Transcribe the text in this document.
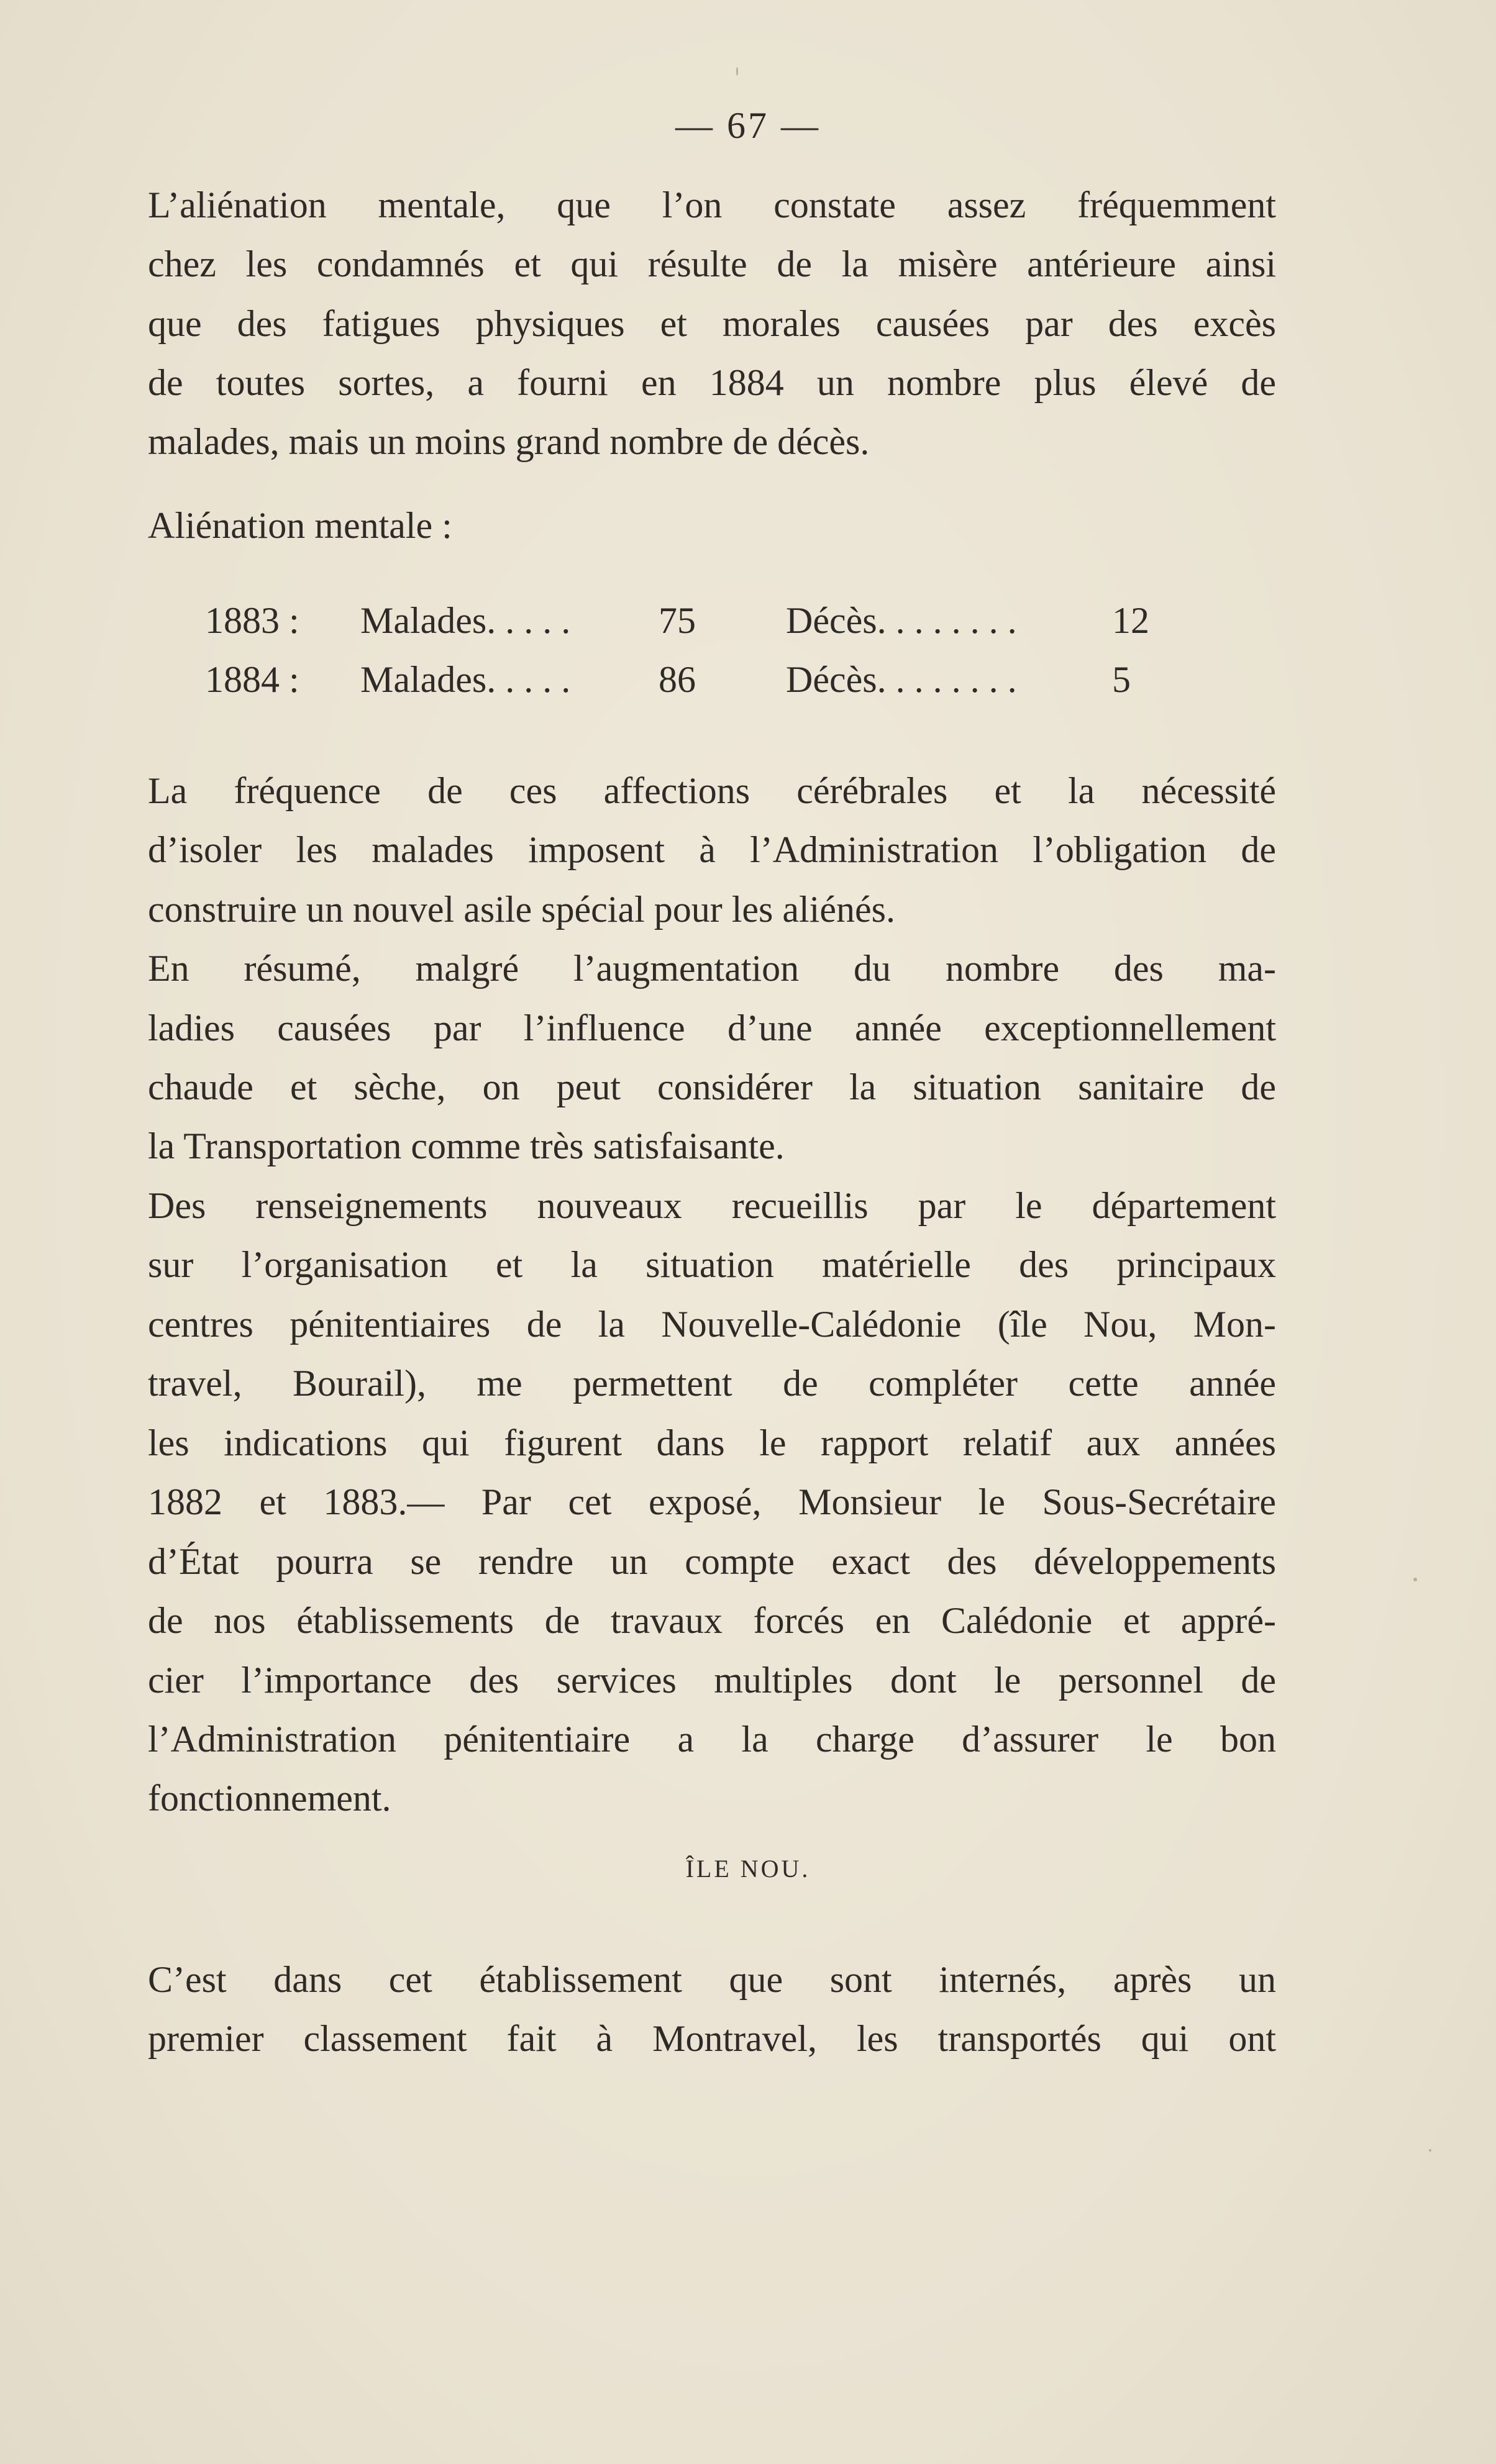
— 67 —
L’aliénation mentale, que l’on constate assez fréquemment
chez les condamnés et qui résulte de la misère antérieure ainsi
que des fatigues physiques et morales causées par des excès
de toutes sortes, a fourni en 1884 un nombre plus élevé de
malades, mais un moins grand nombre de décès.
Aliénation mentale :
1883 : Malades. . . . . 75 Décès. . . . . . . .	12
1884 : Malades. . . . . 86 Décès. . . . . . . .	5
La fréquence de ces affections cérébrales et la nécessité
d’isoler les malades imposent à l’Administration l’obligation de
construire un nouvel asile spécial pour les aliénés.
En résumé, malgré l’augmentation du nombre des ma-
ladies causées par l’influence d’une année exceptionnellement
chaude et sèche, on peut considérer la situation sanitaire de
la Transportation comme très satisfaisante.
Des renseignements nouveaux recueillis par le département
sur l’organisation et la situation matérielle des principaux
centres pénitentiaires de la Nouvelle-Calédonie (île Nou, Mon-
travel, Bourail), me permettent de compléter cette année
les indications qui figurent dans le rapport relatif aux années
1882 et 1883.— Par cet exposé, Monsieur le Sous-Secrétaire
d’État pourra se rendre un compte exact des développements
de nos établissements de travaux forcés en Calédonie et appré-
cier l’importance des services multiples dont le personnel de
l’Administration pénitentiaire a la charge d’assurer le bon
fonctionnement.
ÎLE NOU.
C’est dans cet établissement que sont internés, après un
premier classement fait à Montravel, les transportés qui ont
